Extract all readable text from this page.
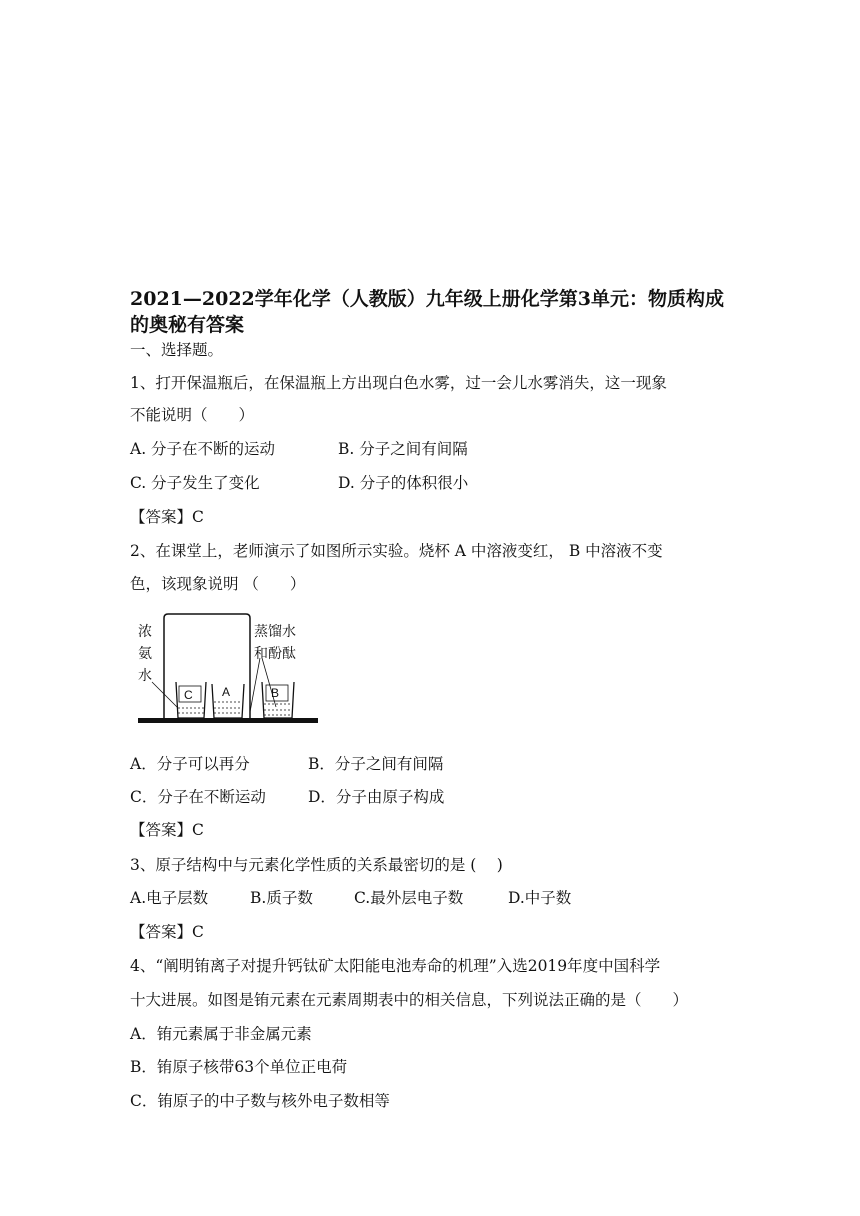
2021—2022学年化学（人教版）九年级上册化学第3单元：物质构成的奥秘有答案
一、选择题。
1、打开保温瓶后，在保温瓶上方出现白色水雾，过一会儿水雾消失，这一现象
不能说明（　　）
A. 分子在不断的运动	B. 分子之间有间隔
C. 分子发生了变化	D. 分子的体积很小
【答案】C
2、在课堂上，老师演示了如图所示实验。烧杯 A 中溶液变红， B 中溶液不变
色，该现象说明 （　　）
C A	B
浓 氨 水
蒸馏水 和酚酞
A．分子可以再分	B．分子之间有间隔
C．分子在不断运动	D．分子由原子构成
【答案】C
3、原子结构中与元素化学性质的关系最密切的是 (　 )
A.电子层数	B.质子数	C.最外层电子数	D.中子数
【答案】C
4、“阐明铕离子对提升钙钛矿太阳能电池寿命的机理”入选2019年度中国科学
十大进展。如图是铕元素在元素周期表中的相关信息，下列说法正确的是（　　）
A．铕元素属于非金属元素
B．铕原子核带63个单位正电荷
C．铕原子的中子数与核外电子数相等
